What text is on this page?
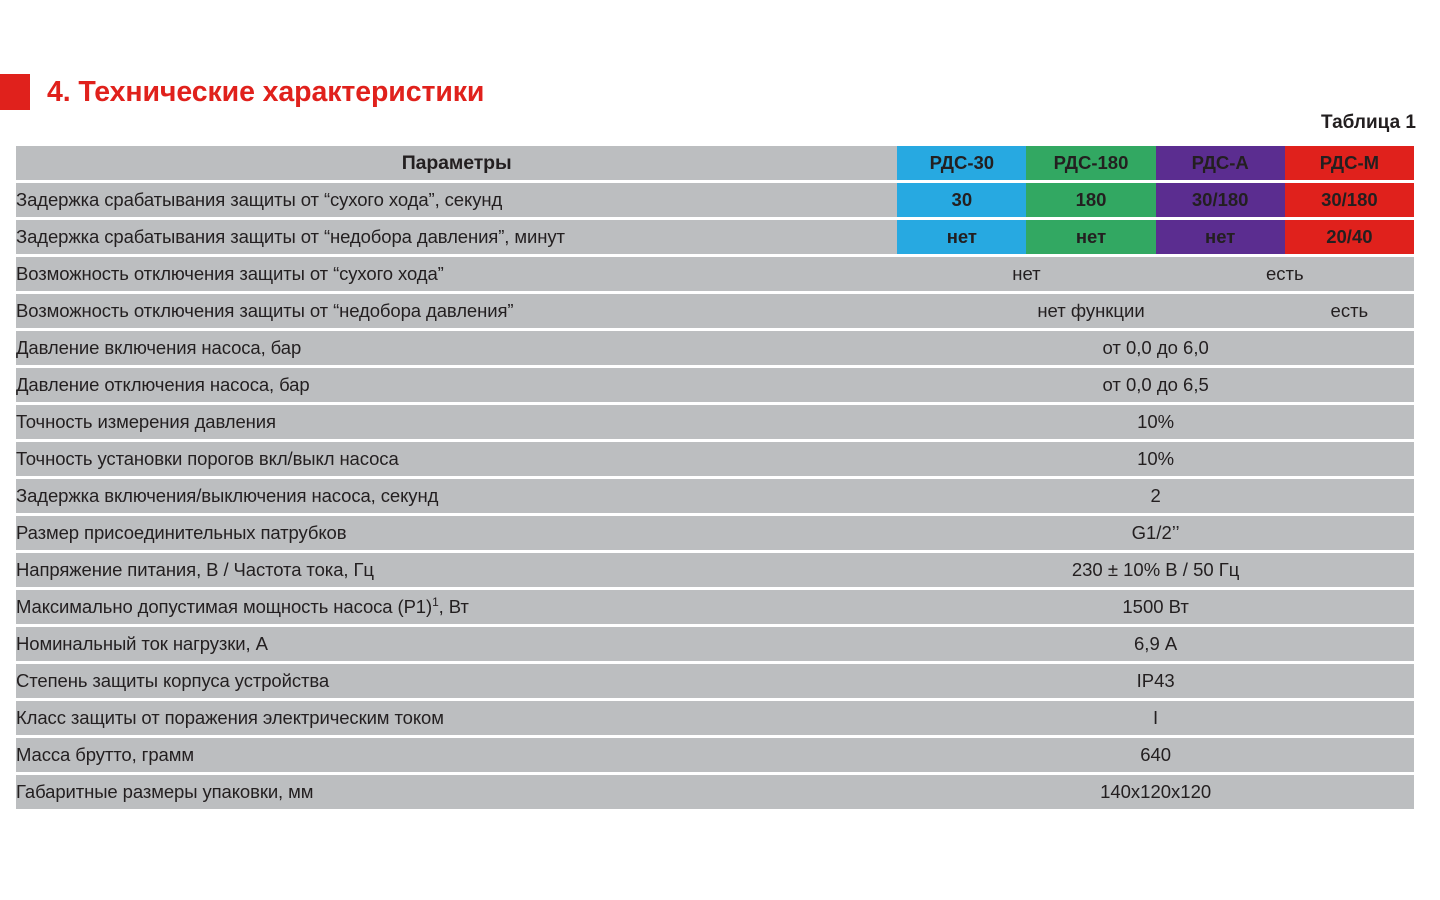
4. Технические характеристики
Таблица 1
Параметры	РДС-30	РДС-180	РДС-А	РДС-М
Задержка срабатывания защиты от “сухого хода”, секунд	30	180	30/180	30/180
Задержка срабатывания защиты от “недобора давления”, минут	нет	нет	нет	20/40
Возможность отключения защиты от “сухого хода”	нет		есть	
Возможность отключения защиты от “недобора давления”	нет функции			есть
Давление включения насоса, бар	от 0,0 до 6,0			
Давление отключения насоса, бар	от 0,0 до 6,5			
Точность измерения давления	10%			
Точность установки порогов вкл/выкл насоса	10%			
Задержка включения/выключения насоса, секунд	2			
Размер присоединительных патрубков	G1/2’’			
Напряжение питания, В / Частота тока, Гц	230 ± 10% В / 50 Гц			
Максимально допустимая мощность насоса (P1)$^1$, Вт	1500 Вт			
Номинальный ток нагрузки, А	6,9 А			
Степень защиты корпуса устройства	IP43			
Класс защиты от поражения электрическим током	I			
Масса брутто, грамм	640			
Габаритные размеры упаковки, мм	140x120x120			
